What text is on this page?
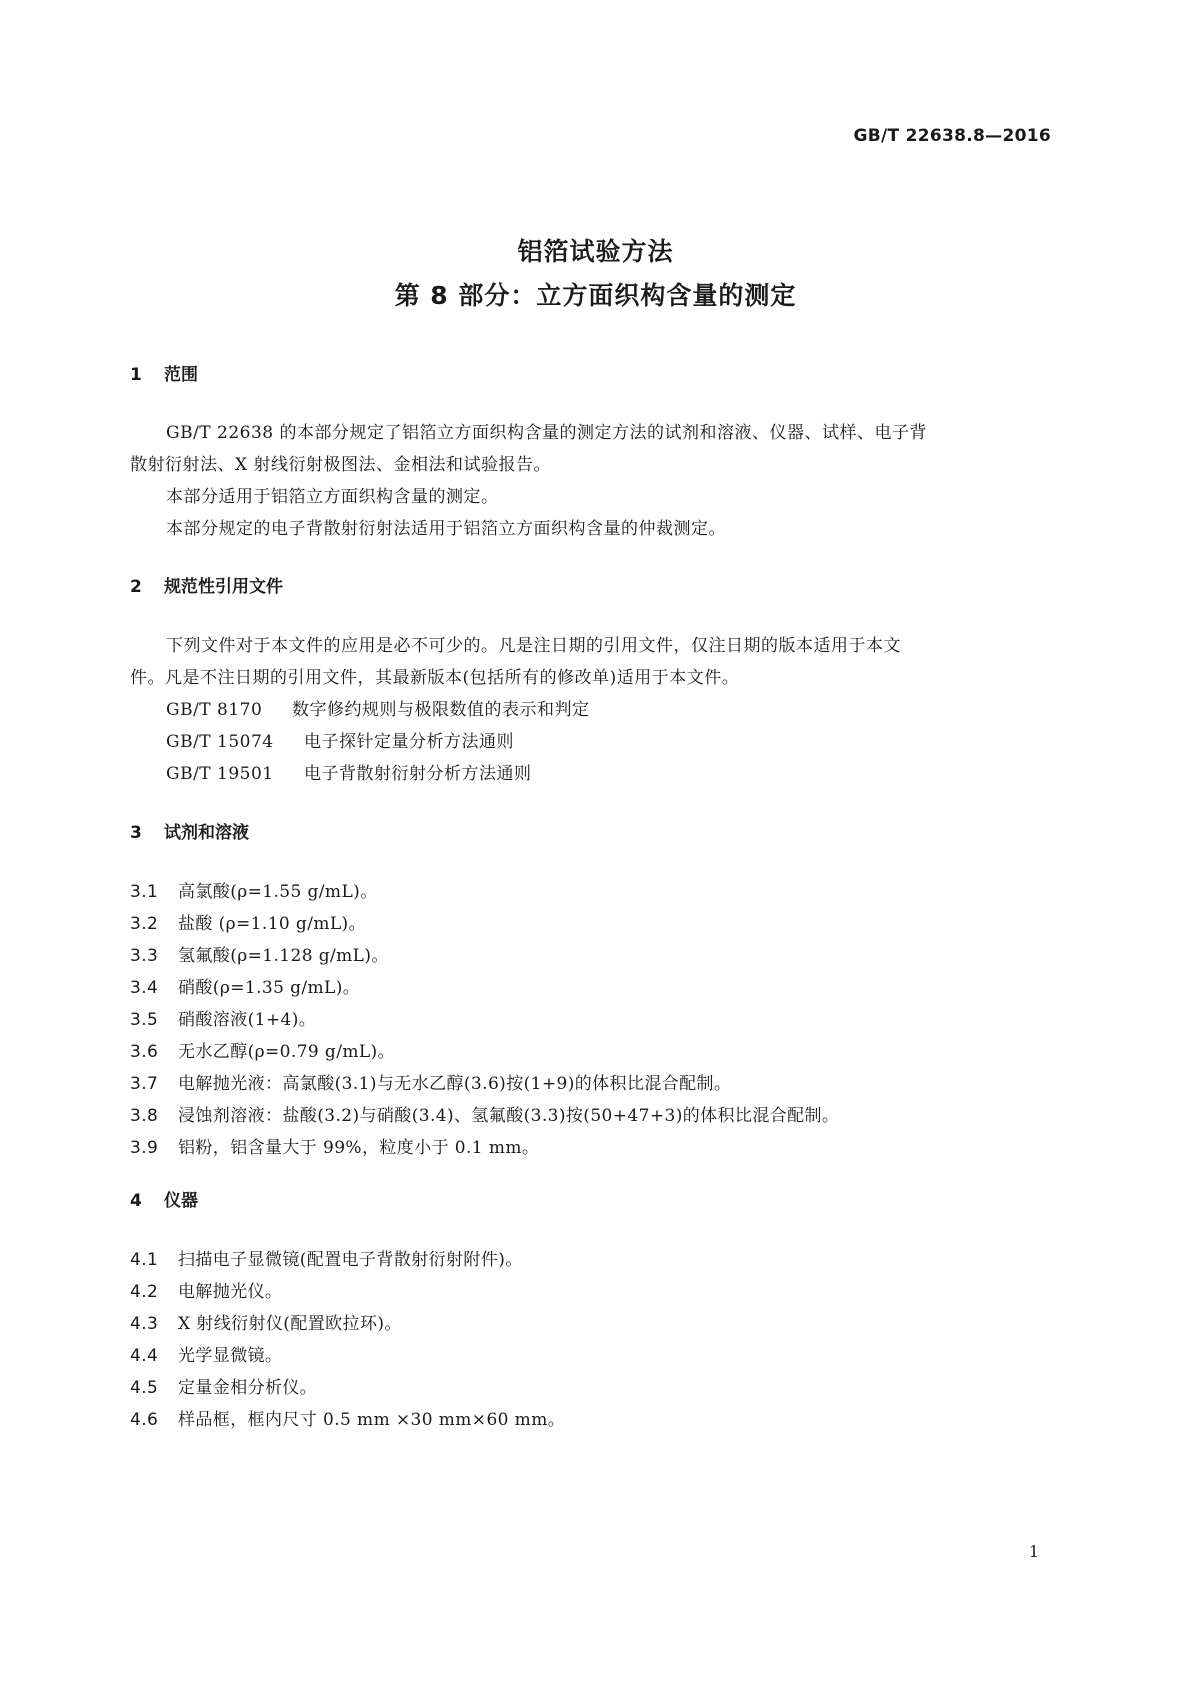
GB/T 22638.8—2016
铝箔试验方法
第 8 部分：立方面织构含量的测定
1 范围
GB/T 22638 的本部分规定了铝箔立方面织构含量的测定方法的试剂和溶液、仪器、试样、电子背
散射衍射法、X 射线衍射极图法、金相法和试验报告。
本部分适用于铝箔立方面织构含量的测定。
本部分规定的电子背散射衍射法适用于铝箔立方面织构含量的仲裁测定。
2 规范性引用文件
下列文件对于本文件的应用是必不可少的。凡是注日期的引用文件，仅注日期的版本适用于本文
件。凡是不注日期的引用文件，其最新版本(包括所有的修改单)适用于本文件。
GB/T 8170 数字修约规则与极限数值的表示和判定
GB/T 15074 电子探针定量分析方法通则
GB/T 19501 电子背散射衍射分析方法通则
3 试剂和溶液
3.1 高氯酸(ρ=1.55 g/mL)。
3.2 盐酸 (ρ=1.10 g/mL)。
3.3 氢氟酸(ρ=1.128 g/mL)。
3.4 硝酸(ρ=1.35 g/mL)。
3.5 硝酸溶液(1+4)。
3.6 无水乙醇(ρ=0.79 g/mL)。
3.7 电解抛光液：高氯酸(3.1)与无水乙醇(3.6)按(1+9)的体积比混合配制。
3.8 浸蚀剂溶液：盐酸(3.2)与硝酸(3.4)、氢氟酸(3.3)按(50+47+3)的体积比混合配制。
3.9 铝粉，铝含量大于 99%，粒度小于 0.1 mm。
4 仪器
4.1 扫描电子显微镜(配置电子背散射衍射附件)。
4.2 电解抛光仪。
4.3 X 射线衍射仪(配置欧拉环)。
4.4 光学显微镜。
4.5 定量金相分析仪。
4.6 样品框，框内尺寸 0.5 mm ×30 mm×60 mm。
1
